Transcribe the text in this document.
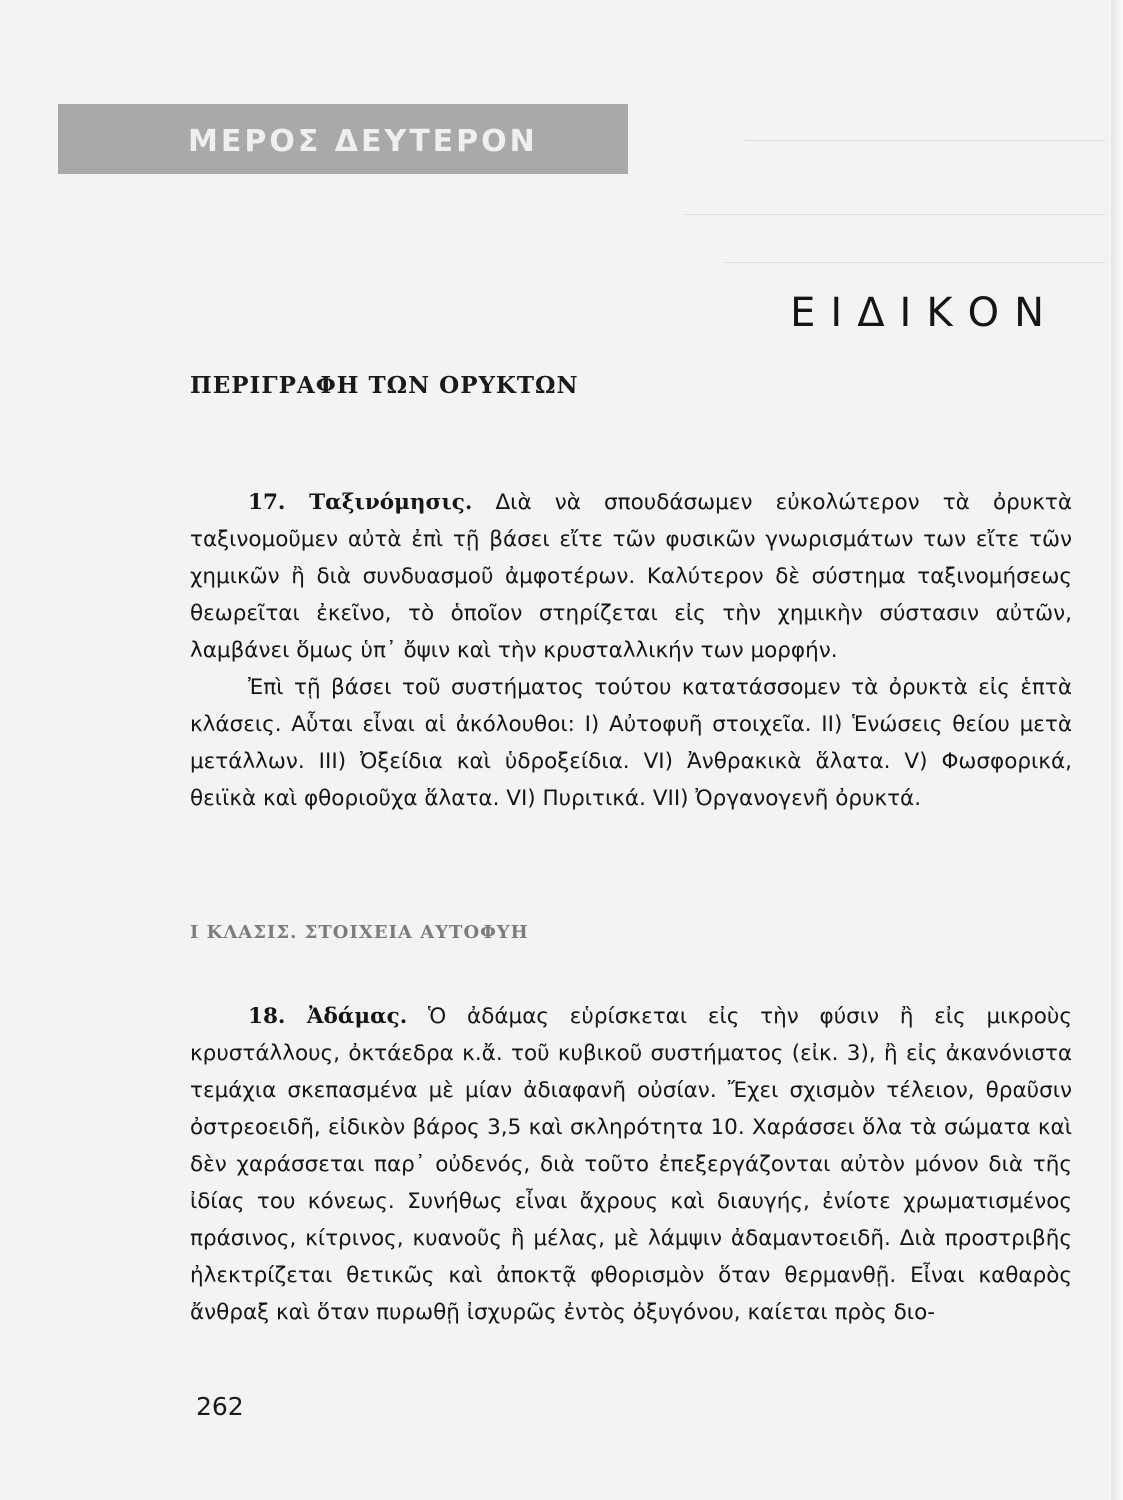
ΜΕΡΟΣ ΔΕΥΤΕΡΟΝ
ΕΙΔΙΚΟΝ
ΠΕΡΙΓΡΑΦΗ ΤΩΝ ΟΡΥΚΤΩΝ

17. Ταξινόμησις. Διὰ νὰ σπουδάσωμεν εὐκολώτερον τὰ ὀρυκτὰ ταξινομοῦμεν αὐτὰ ἐπὶ τῇ βάσει εἴτε τῶν φυσικῶν γνωρισμάτων των εἴτε τῶν χημικῶν ἢ διὰ συνδυασμοῦ ἀμφοτέρων. Καλύτερον δὲ σύστημα ταξινομήσεως θεωρεῖται ἐκεῖνο, τὸ ὁποῖον στηρίζεται εἰς τὴν χημικὴν σύστασιν αὐτῶν, λαμβάνει ὅμως ὑπ᾽ ὄψιν καὶ τὴν κρυσταλλικήν των μορφήν.

Ἐπὶ τῇ βάσει τοῦ συστήματος τούτου κατατάσσομεν τὰ ὀρυκτὰ εἰς ἑπτὰ κλάσεις. Αὗται εἶναι αἱ ἀκόλουθοι: I) Αὐτοφυῆ στοιχεῖα. II) Ἑνώσεις θείου μετὰ μετάλλων. III) Ὀξείδια καὶ ὑδροξείδια. VI) Ἀνθρακικὰ ἅλατα. V) Φωσφορικά, θειϊκὰ καὶ φθοριοῦχα ἅλατα. VI) Πυριτικά. VII) Ὀργανογενῆ ὀρυκτά.

I ΚΛΑΣΙΣ. ΣΤΟΙΧΕΙΑ ΑΥΤΟΦΥΗ

18. Ἀδάμας. Ὁ ἀδάμας εὑρίσκεται εἰς τὴν φύσιν ἢ εἰς μικροὺς κρυστάλλους, ὀκτάεδρα κ.ἄ. τοῦ κυβικοῦ συστήματος (εἰκ. 3), ἢ εἰς ἀκανόνιστα τεμάχια σκεπασμένα μὲ μίαν ἀδιαφανῆ οὐσίαν. Ἔχει σχισμὸν τέλειον, θραῦσιν ὀστρεοειδῆ, εἰδικὸν βάρος 3,5 καὶ σκληρότητα 10. Χαράσσει ὅλα τὰ σώματα καὶ δὲν χαράσσεται παρ᾽ οὐδενός, διὰ τοῦτο ἐπεξεργάζονται αὐτὸν μόνον διὰ τῆς ἰδίας του κόνεως. Συνήθως εἶναι ἄχρους καὶ διαυγής, ἐνίοτε χρωματισμένος πράσινος, κίτρινος, κυανοῦς ἢ μέλας, μὲ λάμψιν ἀδαμαντοειδῆ. Διὰ προστριβῆς ἠλεκτρίζεται θετικῶς καὶ ἀποκτᾷ φθορισμὸν ὅταν θερμανθῇ. Εἶναι καθαρὸς ἄνθραξ καὶ ὅταν πυρωθῇ ἰσχυρῶς ἐντὸς ὀξυγόνου, καίεται πρὸς διο-

262
